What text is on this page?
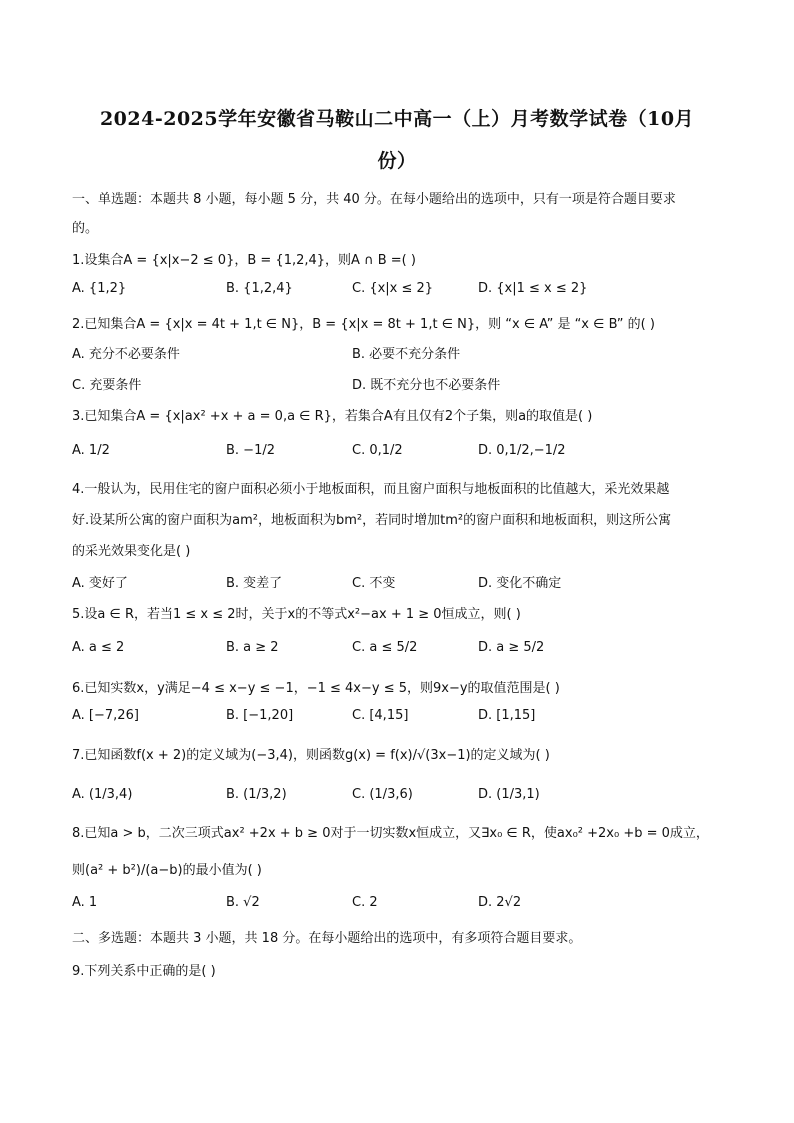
2024-2025学年安徽省马鞍山二中高一（上）月考数学试卷（10月
份）
一、单选题：本题共 8 小题，每小题 5 分，共 40 分。在每小题给出的选项中，只有一项是符合题目要求
的。
1.设集合A = {x|x−2 ≤ 0}，B = {1,2,4}，则A ∩ B =( )
A. {1,2}	B. {1,2,4}	C. {x|x ≤ 2}	D. {x|1 ≤ x ≤ 2}
2.已知集合A = {x|x = 4t + 1,t ∈ N}，B = {x|x = 8t + 1,t ∈ N}，则 “x ∈ A” 是 “x ∈ B” 的( )
A. 充分不必要条件	B. 必要不充分条件
C. 充要条件	D. 既不充分也不必要条件
3.已知集合A = {x|ax² +x + a = 0,a ∈ R}，若集合A有且仅有2个子集，则a的取值是( )
A. 1/2	B. −1/2	C. 0,1/2	D. 0,1/2,−1/2
4.一般认为，民用住宅的窗户面积必须小于地板面积，而且窗户面积与地板面积的比值越大，采光效果越
好.设某所公寓的窗户面积为am²，地板面积为bm²，若同时增加tm²的窗户面积和地板面积，则这所公寓
的采光效果变化是( )
A. 变好了	B. 变差了	C. 不变	D. 变化不确定
5.设a ∈ R，若当1 ≤ x ≤ 2时，关于x的不等式x²−ax + 1 ≥ 0恒成立，则( )
A. a ≤ 2	B. a ≥ 2	C. a ≤ 5/2	D. a ≥ 5/2
6.已知实数x，y满足−4 ≤ x−y ≤ −1，−1 ≤ 4x−y ≤ 5，则9x−y的取值范围是( )
A. [−7,26]	B. [−1,20]	C. [4,15]	D. [1,15]
7.已知函数f(x + 2)的定义域为(−3,4)，则函数g(x) = f(x)/√(3x−1)的定义域为( )
A. (1/3,4)	B. (1/3,2)	C. (1/3,6)	D. (1/3,1)
8.已知a > b，二次三项式ax² +2x + b ≥ 0对于一切实数x恒成立，又∃x₀ ∈ R，使ax₀² +2x₀ +b = 0成立，
则(a² + b²)/(a−b)的最小值为( )
A. 1	B. √2	C. 2	D. 2√2
二、多选题：本题共 3 小题，共 18 分。在每小题给出的选项中，有多项符合题目要求。
9.下列关系中正确的是( )
